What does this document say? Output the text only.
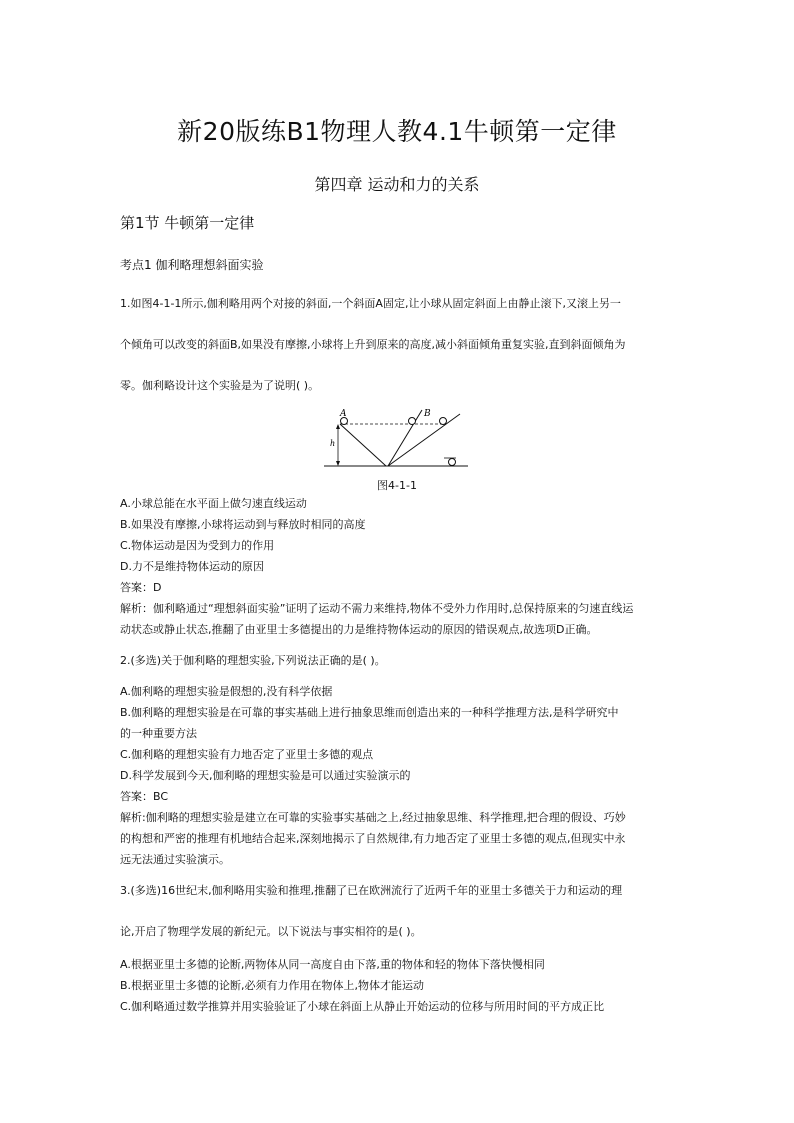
新20版练B1物理人教4.1牛顿第一定律
第四章 运动和力的关系
第1节 牛顿第一定律
考点1 伽利略理想斜面实验
1.如图4-1-1所示,伽利略用两个对接的斜面,一个斜面A固定,让小球从固定斜面上由静止滚下,又滚上另一
个倾角可以改变的斜面B,如果没有摩擦,小球将上升到原来的高度,减小斜面倾角重复实验,直到斜面倾角为
零。伽利略设计这个实验是为了说明( )。
A	B
h
图4-1-1
A.小球总能在水平面上做匀速直线运动
B.如果没有摩擦,小球将运动到与释放时相同的高度
C.物体运动是因为受到力的作用
D.力不是维持物体运动的原因
答案：D
解析：伽利略通过“理想斜面实验”证明了运动不需力来维持,物体不受外力作用时,总保持原来的匀速直线运
动状态或静止状态,推翻了由亚里士多德提出的力是维持物体运动的原因的错误观点,故选项D正确。
2.(多选)关于伽利略的理想实验,下列说法正确的是( )。
A.伽利略的理想实验是假想的,没有科学依据
B.伽利略的理想实验是在可靠的事实基础上进行抽象思维而创造出来的一种科学推理方法,是科学研究中
的一种重要方法
C.伽利略的理想实验有力地否定了亚里士多德的观点
D.科学发展到今天,伽利略的理想实验是可以通过实验演示的
答案：BC
解析:伽利略的理想实验是建立在可靠的实验事实基础之上,经过抽象思维、科学推理,把合理的假设、巧妙
的构想和严密的推理有机地结合起来,深刻地揭示了自然规律,有力地否定了亚里士多德的观点,但现实中永
远无法通过实验演示。
3.(多选)16世纪末,伽利略用实验和推理,推翻了已在欧洲流行了近两千年的亚里士多德关于力和运动的理
论,开启了物理学发展的新纪元。以下说法与事实相符的是( )。
A.根据亚里士多德的论断,两物体从同一高度自由下落,重的物体和轻的物体下落快慢相同
B.根据亚里士多德的论断,必须有力作用在物体上,物体才能运动
C.伽利略通过数学推算并用实验验证了小球在斜面上从静止开始运动的位移与所用时间的平方成正比
